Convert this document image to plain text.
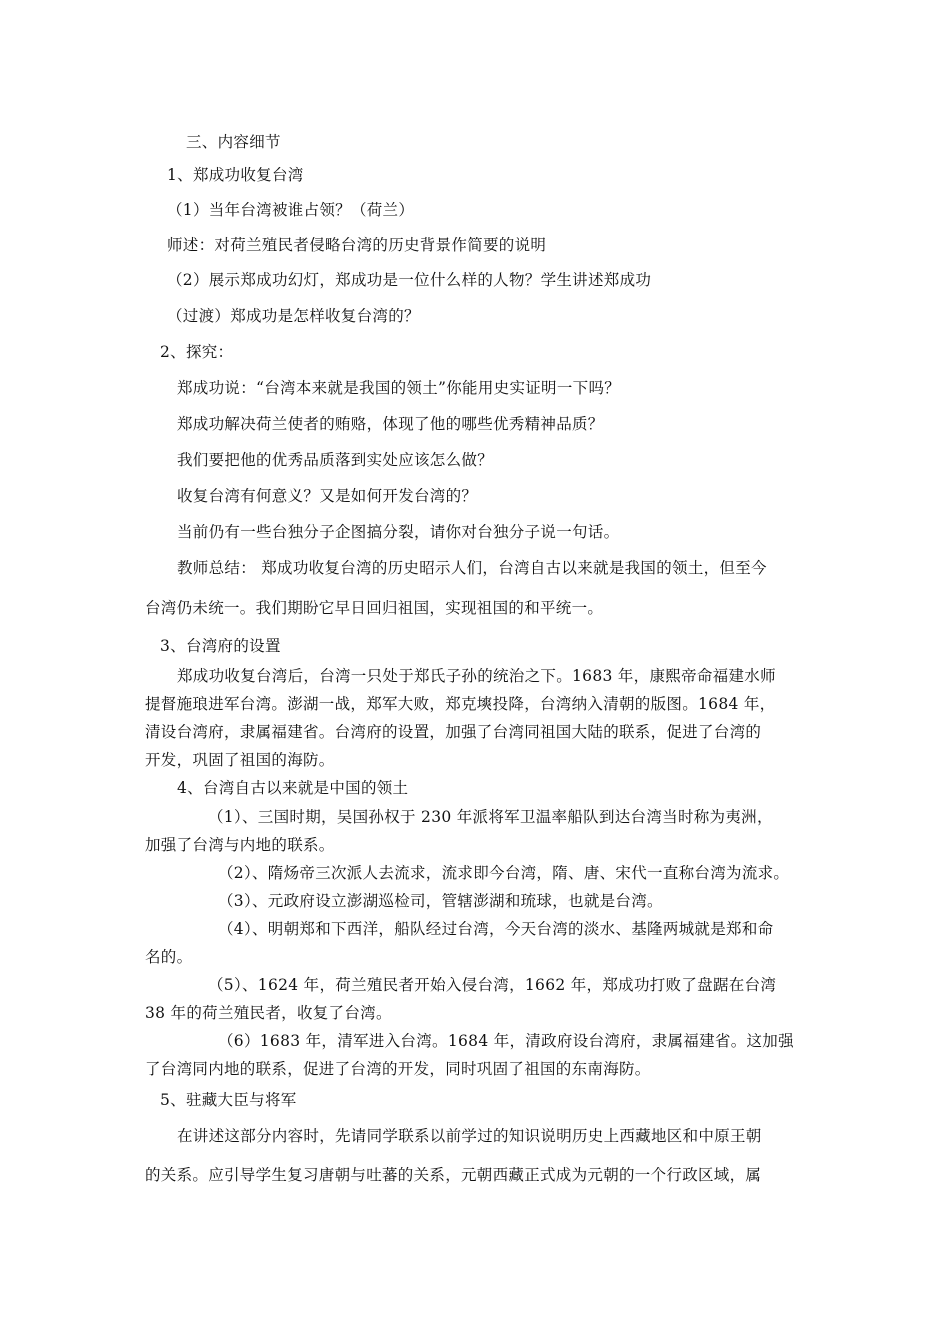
三、内容细节
1、郑成功收复台湾
（1）当年台湾被谁占领？（荷兰）
师述：对荷兰殖民者侵略台湾的历史背景作简要的说明
（2）展示郑成功幻灯，郑成功是一位什么样的人物？学生讲述郑成功
（过渡）郑成功是怎样收复台湾的？
2、探究：
郑成功说：“台湾本来就是我国的领土”你能用史实证明一下吗？
郑成功解决荷兰使者的贿赂，体现了他的哪些优秀精神品质？
我们要把他的优秀品质落到实处应该怎么做？
收复台湾有何意义？又是如何开发台湾的？
当前仍有一些台独分子企图搞分裂，请你对台独分子说一句话。
教师总结： 郑成功收复台湾的历史昭示人们，台湾自古以来就是我国的领土，但至今
台湾仍未统一。我们期盼它早日回归祖国，实现祖国的和平统一。
3、台湾府的设置
郑成功收复台湾后，台湾一只处于郑氏子孙的统治之下。1683 年，康熙帝命福建水师
提督施琅进军台湾。澎湖一战，郑军大败，郑克塽投降，台湾纳入清朝的版图。1684 年，
清设台湾府，隶属福建省。台湾府的设置，加强了台湾同祖国大陆的联系，促进了台湾的
开发，巩固了祖国的海防。
4、台湾自古以来就是中国的领土
（1）、三国时期，吴国孙权于 230 年派将军卫温率船队到达台湾当时称为夷洲，
加强了台湾与内地的联系。
（2）、隋炀帝三次派人去流求，流求即今台湾，隋、唐、宋代一直称台湾为流求。
（3）、元政府设立澎湖巡检司，管辖澎湖和琉球，也就是台湾。
（4）、明朝郑和下西洋，船队经过台湾，今天台湾的淡水、基隆两城就是郑和命
名的。
（5）、1624 年，荷兰殖民者开始入侵台湾，1662 年，郑成功打败了盘踞在台湾
38 年的荷兰殖民者，收复了台湾。
（6）1683 年，清军进入台湾。1684 年，清政府设台湾府，隶属福建省。这加强
了台湾同内地的联系，促进了台湾的开发，同时巩固了祖国的东南海防。
5、驻藏大臣与将军
在讲述这部分内容时，先请同学联系以前学过的知识说明历史上西藏地区和中原王朝
的关系。应引导学生复习唐朝与吐蕃的关系，元朝西藏正式成为元朝的一个行政区域，属
